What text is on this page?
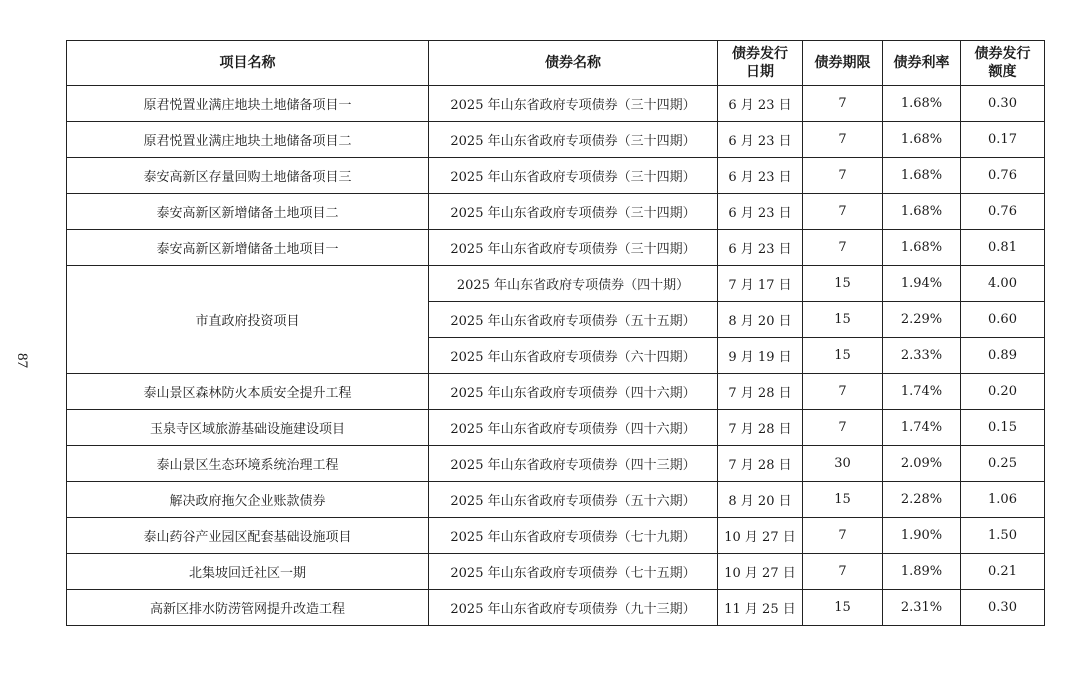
87
项目名称	债券名称	债券发行日期	债券期限	债券利率	债券发行额度

原君悦置业满庄地块土地储备项目一	2025 年山东省政府专项债券（三十四期）	6 月 23 日	7	1.68%	0.30
原君悦置业满庄地块土地储备项目二	2025 年山东省政府专项债券（三十四期）	6 月 23 日	7	1.68%	0.17
泰安高新区存量回购土地储备项目三	2025 年山东省政府专项债券（三十四期）	6 月 23 日	7	1.68%	0.76
泰安高新区新增储备土地项目二	2025 年山东省政府专项债券（三十四期）	6 月 23 日	7	1.68%	0.76
泰安高新区新增储备土地项目一	2025 年山东省政府专项债券（三十四期）	6 月 23 日	7	1.68%	0.81
市直政府投资项目	2025 年山东省政府专项债券（四十期）	7 月 17 日	15	1.94%	4.00
	2025 年山东省政府专项债券（五十五期）	8 月 20 日	15	2.29%	0.60
	2025 年山东省政府专项债券（六十四期）	9 月 19 日	15	2.33%	0.89
泰山景区森林防火本质安全提升工程	2025 年山东省政府专项债券（四十六期）	7 月 28 日	7	1.74%	0.20
玉泉寺区域旅游基础设施建设项目	2025 年山东省政府专项债券（四十六期）	7 月 28 日	7	1.74%	0.15
泰山景区生态环境系统治理工程	2025 年山东省政府专项债券（四十三期）	7 月 28 日	30	2.09%	0.25
解决政府拖欠企业账款债券	2025 年山东省政府专项债券（五十六期）	8 月 20 日	15	2.28%	1.06
泰山药谷产业园区配套基础设施项目	2025 年山东省政府专项债券（七十九期）	10 月 27 日	7	1.90%	1.50
北集坡回迁社区一期	2025 年山东省政府专项债券（七十五期）	10 月 27 日	7	1.89%	0.21
高新区排水防涝管网提升改造工程	2025 年山东省政府专项债券（九十三期）	11 月 25 日	15	2.31%	0.30
